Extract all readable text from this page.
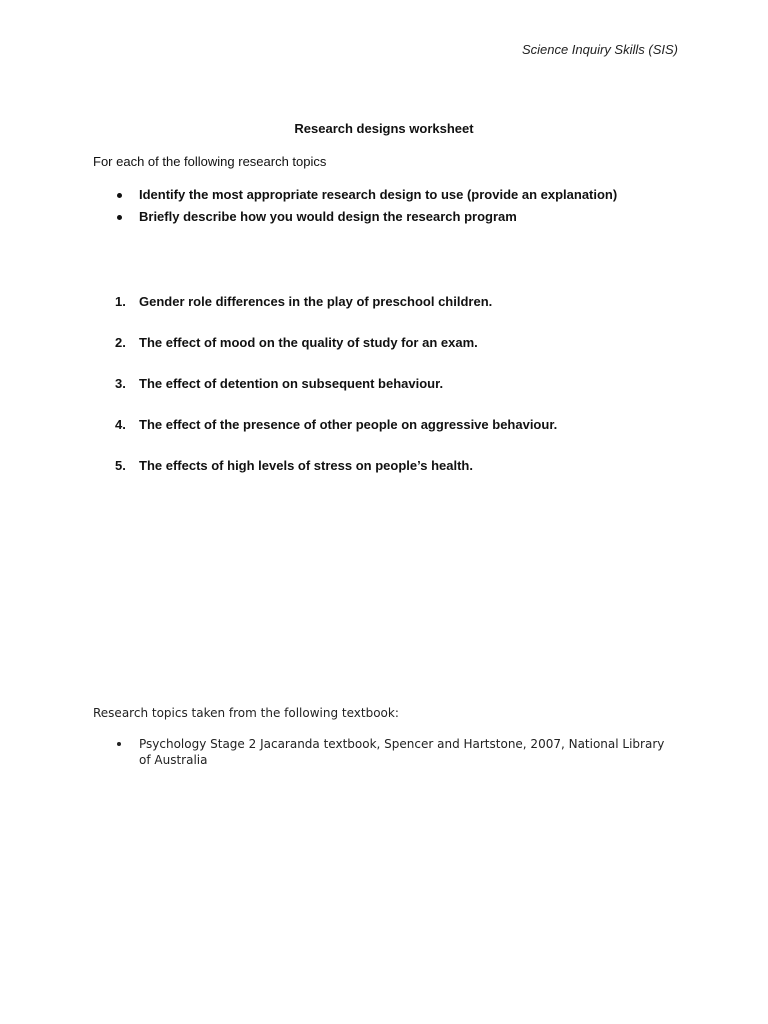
Science Inquiry Skills (SIS)
Research designs worksheet
For each of the following research topics
Identify the most appropriate research design to use (provide an explanation)
Briefly describe how you would design the research program
1. Gender role differences in the play of preschool children.
2. The effect of mood on the quality of study for an exam.
3. The effect of detention on subsequent behaviour.
4. The effect of the presence of other people on aggressive behaviour.
5. The effects of high levels of stress on people’s health.
Research topics taken from the following textbook:
Psychology Stage 2 Jacaranda textbook, Spencer and Hartstone, 2007, National Library of Australia
